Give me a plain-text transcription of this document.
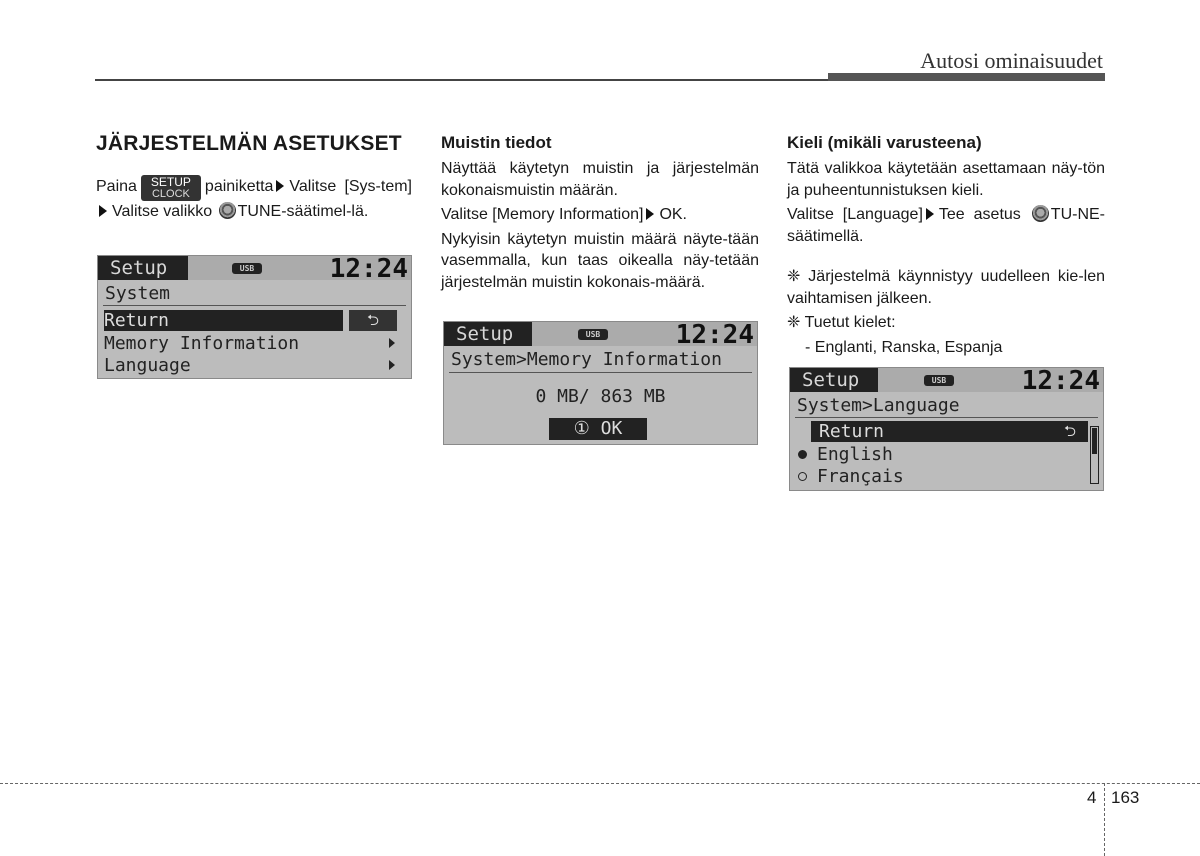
Autosi ominaisuudet
JÄRJESTELMÄN ASETUKSET

Paina SETUP
CLOCK painiketta Valitse [Sys-tem]Valitse valikko TUNE-säätimel-lä.

Setup	USB	12:24
System
Return	⮌
Memory Information
Language
Muistin tiedot

Näyttää käytetyn muistin ja järjestelmän kokonaismuistin määrän.

Valitse [Memory Information] OK.

Nykyisin käytetyn muistin määrä näyte-tään vasemmalla, kun taas oikealla näy-tetään järjestelmän muistin kokonais-määrä.

Setup	USB	12:24
System>Memory Information
0 MB/ 863 MB
① OK
Kieli (mikäli varusteena)

Tätä valikkoa käytetään asettamaan näy-tön ja puheentunnistuksen kieli.

Valitse [Language] Tee asetus TU-NE-säätimellä.

❈ Järjestelmä käynnistyy uudelleen kie-len vaihtamisen jälkeen.

❈ Tuetut kielet:

- Englanti, Ranska, Espanja

Setup	USB	12:24
System>Language
Return	⮌
English
Français
4 163
